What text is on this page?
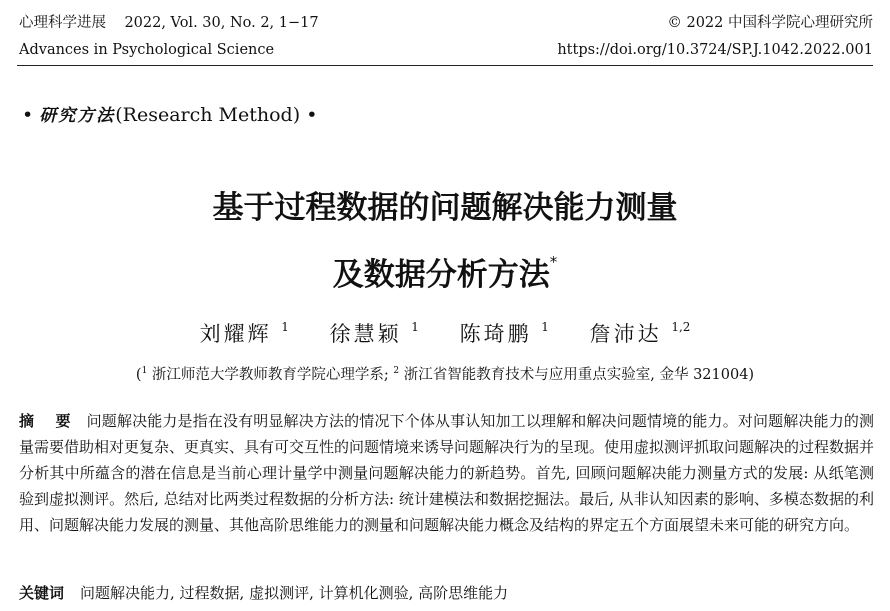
心理科学进展 2022, Vol. 30, No. 2, 1−17	© 2022 中国科学院心理研究所
Advances in Psychological Science	https://doi.org/10.3724/SP.J.1042.2022.001
• 研究方法(Research Method) •
基于过程数据的问题解决能力测量
及数据分析方法*
刘耀辉 $^1$ 徐慧颖 $^1$ 陈琦鹏 $^1$ 詹沛达 $^{1,2}$
($^1$ 浙江师范大学教师教育学院心理学系; $^2$ 浙江省智能教育技术与应用重点实验室, 金华 321004)
摘 要 问题解决能力是指在没有明显解决方法的情况下个体从事认知加工以理解和解决问题情境的能力。对问题解决能力的测量需要借助相对更复杂、更真实、具有可交互性的问题情境来诱导问题解决行为的呈现。使用虚拟测评抓取问题解决的过程数据并分析其中所蕴含的潜在信息是当前心理计量学中测量问题解决能力的新趋势。首先, 回顾问题解决能力测量方式的发展: 从纸笔测验到虚拟测评。然后, 总结对比两类过程数据的分析方法: 统计建模法和数据挖掘法。最后, 从非认知因素的影响、多模态数据的利用、问题解决能力发展的测量、其他高阶思维能力的测量和问题解决能力概念及结构的界定五个方面展望未来可能的研究方向。
关键词 问题解决能力, 过程数据, 虚拟测评, 计算机化测验, 高阶思维能力
